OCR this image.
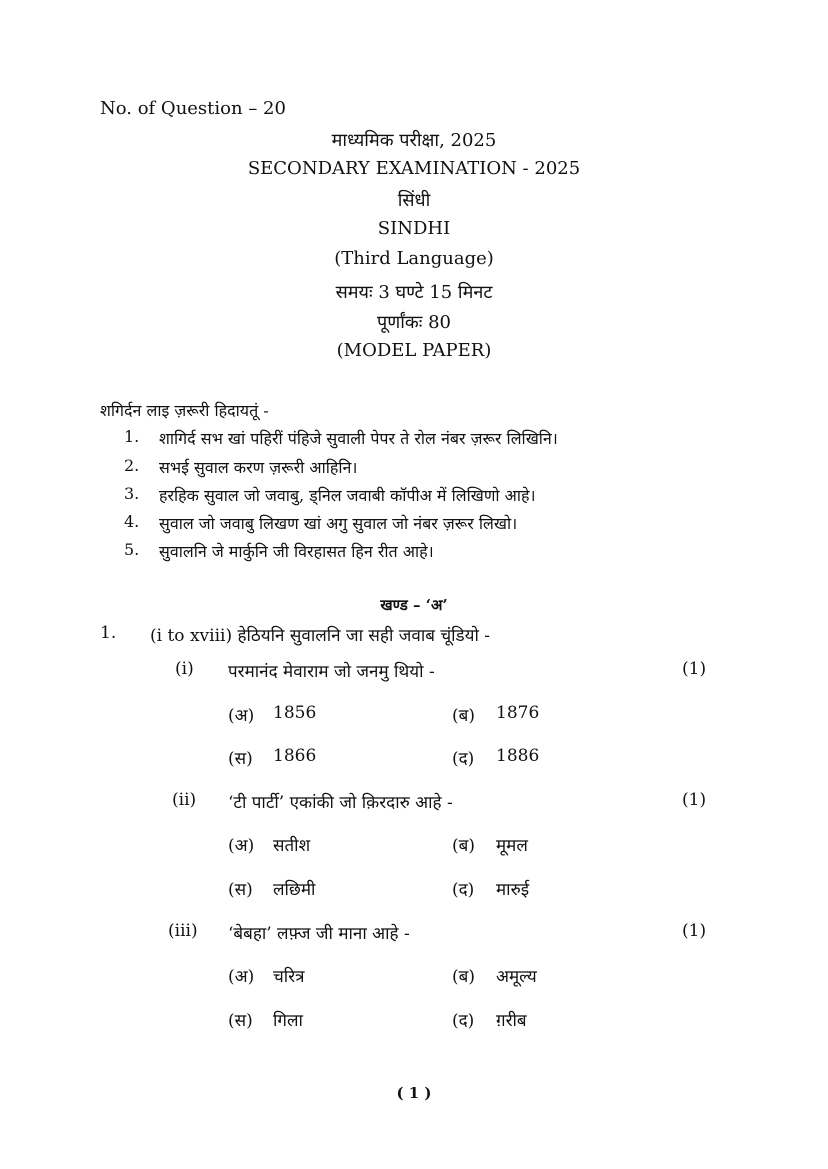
No. of Question – 20
माध्यमिक परीक्षा, 2025
SECONDARY EXAMINATION - 2025
सिंधी
SINDHI
(Third Language)
समयः 3 घण्टे 15 मिनट
पूर्णांकः 80
(MODEL PAPER)
शगिर्दन लाइ ज़रूरी हिदायतूं -
1. शागिर्द सभ खां पहिरीं पंहिजे सुवाली पेपर ते रोल नंबर ज़रूर लिखिनि।
2. सभई सुवाल करण ज़रूरी आहिनि।
3. हरहिक सुवाल जो जवाबु, ड्निल जवाबी कॉपीअ में लिखिणो आहे।
4. सुवाल जो जवाबु लिखण खां अगु सुवाल जो नंबर ज़रूर लिखो।
5. सुवालनि जे मार्कुनि जी विरहासत हिन रीत आहे।
खण्ड – ‘अ’
1. (i to xviii) हेठियनि सुवालनि जा सही जवाब चूंडियो -
(i) परमानंद मेवाराम जो जनमु थियो -	(1)
(अ) 1856	(ब) 1876
(स) 1866	(द) 1886
(ii) ‘टी पार्टी’ एकांकी जो क़िरदारु आहे -	(1)
(अ) सतीश	(ब) मूमल
(स) लछिमी	(द) मारुई
(iii) ‘बेबहा’ लफ़्ज जी माना आहे -	(1)
(अ) चरित्र	(ब) अमूल्य
(स) गिला	(द) ग़रीब
( 1 )
